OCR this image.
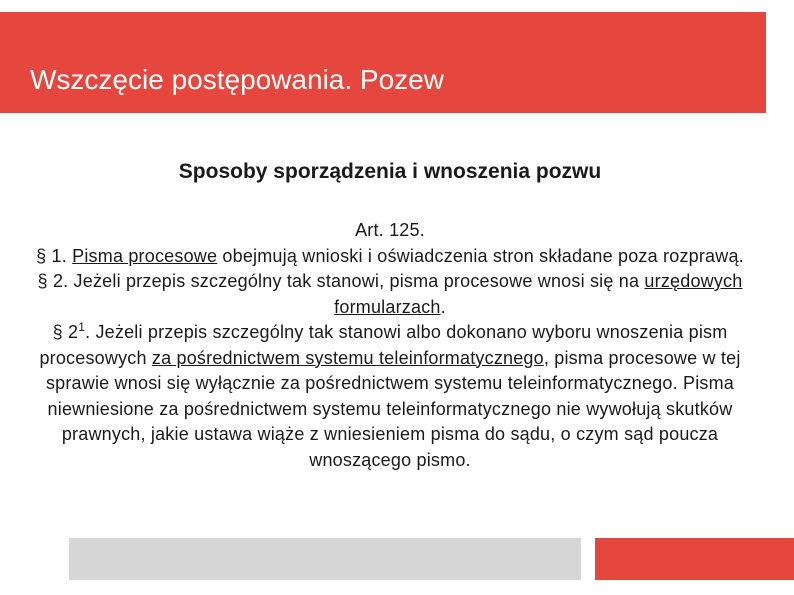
Wszczęcie postępowania. Pozew
Sposoby sporządzenia i wnoszenia pozwu

Art. 125.

§ 1. Pisma procesowe obejmują wnioski i oświadczenia stron składane poza rozprawą.

§ 2. Jeżeli przepis szczególny tak stanowi, pisma procesowe wnosi się na urzędowych formularzach.

§ $2^1$. Jeżeli przepis szczególny tak stanowi albo dokonano wyboru wnoszenia pism procesowych za pośrednictwem systemu teleinformatycznego, pisma procesowe w tej sprawie wnosi się wyłącznie za pośrednictwem systemu teleinformatycznego. Pisma niewniesione za pośrednictwem systemu teleinformatycznego nie wywołują skutków prawnych, jakie ustawa wiąże z wniesieniem pisma do sądu, o czym sąd poucza wnoszącego pismo.
